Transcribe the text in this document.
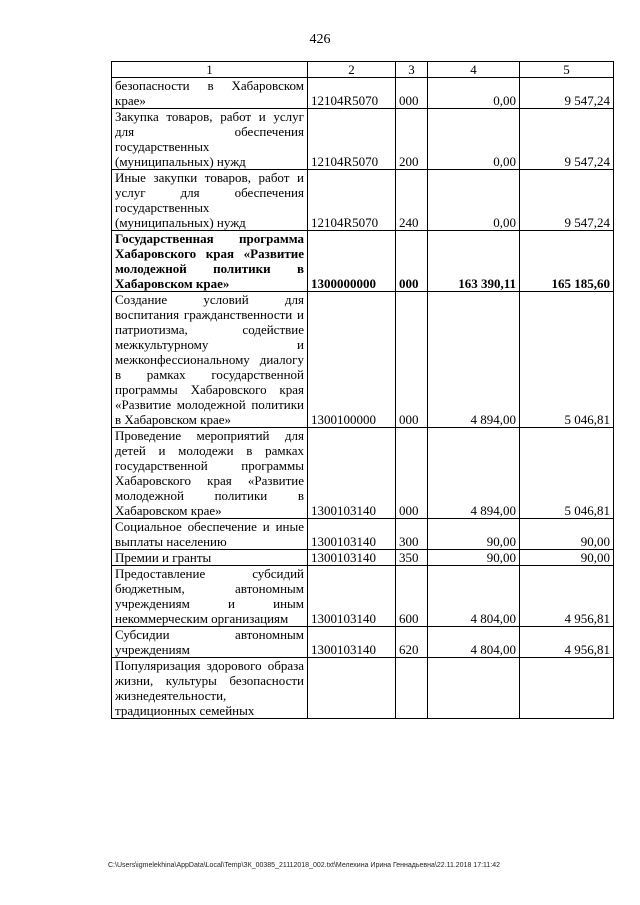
426
1	2	3	4	5
безопасности в Хабаровском крае»	12104R5070	000	0,00	9 547,24
Закупка товаров, работ и услуг для обеспечения государственных (муниципальных) нужд	12104R5070	200	0,00	9 547,24
Иные закупки товаров, работ и услуг для обеспечения государственных (муниципальных) нужд	12104R5070	240	0,00	9 547,24
Государственная программа Хабаровского края «Развитие молодежной политики в Хабаровском крае»	1300000000	000	163 390,11	165 185,60
Создание условий для воспитания гражданственности и патриотизма, содействие межкультурному и межконфессиональному диалогу в рамках государственной программы Хабаровского края «Развитие молодежной политики в Хабаровском крае»	1300100000	000	4 894,00	5 046,81
Проведение мероприятий для детей и молодежи в рамках государственной программы Хабаровского края «Развитие молодежной политики в Хабаровском крае»	1300103140	000	4 894,00	5 046,81
Социальное обеспечение и иные выплаты населению	1300103140	300	90,00	90,00
Премии и гранты	1300103140	350	90,00	90,00
Предоставление субсидий бюджетным, автономным учреждениям и иным некоммерческим организациям	1300103140	600	4 804,00	4 956,81
Субсидии автономным учреждениям	1300103140	620	4 804,00	4 956,81
Популяризация здорового образа жизни, культуры безопасности жизнедеятельности, традиционных семейных				
C:\Users\igmelekhina\AppData\Local\Temp\ЗК_00385_21112018_002.txt\Мелехина Ирина Геннадьевна\22.11.2018 17:11:42
